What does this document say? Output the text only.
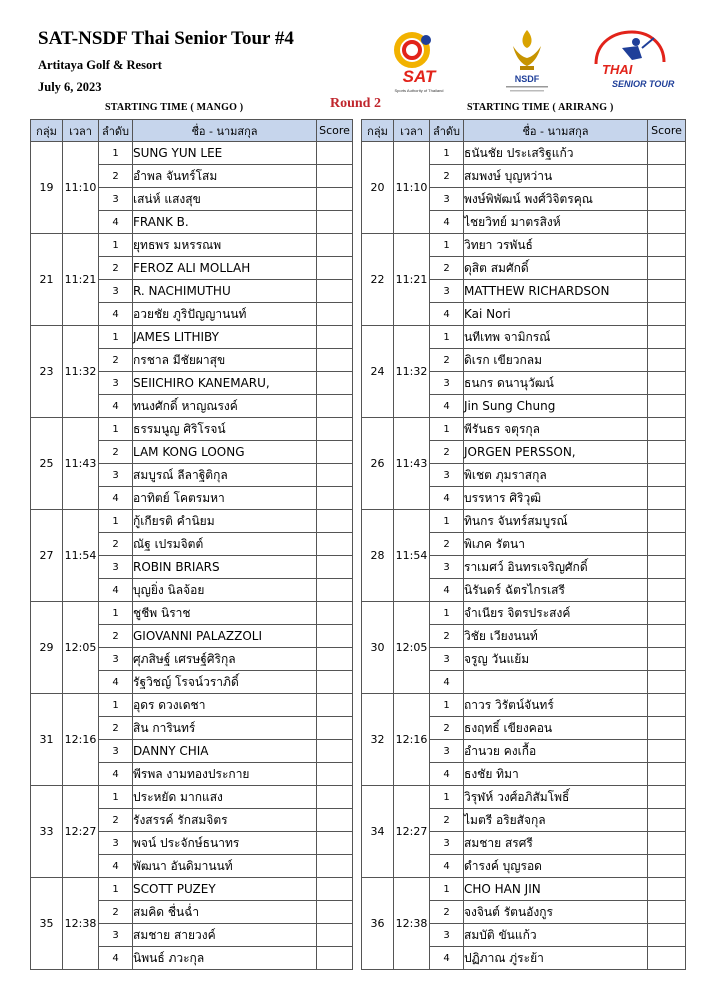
SAT-NSDF Thai Senior Tour #4
Artitaya Golf & Resort
July 6, 2023
Round 2
STARTING TIME ( MANGO )	STARTING TIME ( ARIRANG )
SAT
Sports Authority of Thailand
NSDF
THAI
SENIOR TOUR
กลุ่ม	เวลา	ลำดับ	ชื่อ - นามสกุล	Score
19	11:10	1	SUNG YUN LEE	
		2	อำพล จันทร์โสม	
		3	เสน่ห์ แสงสุข	
		4	FRANK B.	
21	11:21	1	ยุทธพร มหรรณพ	
		2	FEROZ ALI MOLLAH	
		3	R. NACHIMUTHU	
		4	อวยชัย ภูริปัญญานนท์	
23	11:32	1	JAMES LITHIBY	
		2	กรชาล มีชัยผาสุข	
		3	SEIICHIRO KANEMARU,	
		4	ทนงศักดิ์ หาญณรงค์	
25	11:43	1	ธรรมนูญ ศิริโรจน์	
		2	LAM KONG LOONG	
		3	สมบูรณ์ ลีลาฐิติกุล	
		4	อาทิตย์ โคตรมหา	
27	11:54	1	กู้เกียรติ คำนิยม	
		2	ณัฐ เปรมจิตต์	
		3	ROBIN BRIARS	
		4	บุญยิ่ง นิลจ้อย	
29	12:05	1	ชูชีพ นิราช	
		2	GIOVANNI PALAZZOLI	
		3	ศุภสิษฐ์ เศรษฐ์ศิริกุล	
		4	รัฐวิชญ์ โรจน์วราภิดิ์	
31	12:16	1	อุดร ดวงเดชา	
		2	สิน การินทร์	
		3	DANNY CHIA	
		4	พีรพล งามทองประกาย	
33	12:27	1	ประหยัด มากแสง	
		2	รังสรรค์ รักสมจิตร	
		3	พจน์ ประจักษ์ธนาทร	
		4	พัฒนา อันดิมานนท์	
35	12:38	1	SCOTT PUZEY	
		2	สมคิด ชื่นฉ่ำ	
		3	สมชาย สายวงค์	
		4	นิพนธ์ ภวะกุล	
กลุ่ม	เวลา	ลำดับ	ชื่อ - นามสกุล	Score
20	11:10	1	ธนันชัย ประเสริฐแก้ว	
		2	สมพงษ์ บุญหว่าน	
		3	พงษ์พิพัฒน์ พงศ์วิจิตรคุณ	
		4	ไชยวิทย์ มาตรสิงห์	
22	11:21	1	วิทยา วรพันธ์	
		2	ดุสิต สมศักดิ์	
		3	MATTHEW RICHARDSON	
		4	Kai Nori	
24	11:32	1	นทีเทพ จามิกรณ์	
		2	ดิเรก เขียวกลม	
		3	ธนกร ดนานุวัฒน์	
		4	Jin Sung Chung	
26	11:43	1	พีรันธร จตุรกุล	
		2	JORGEN PERSSON,	
		3	พิเชต ภุมราสกุล	
		4	บรรหาร ศิริวุฒิ	
28	11:54	1	ทินกร จันทร์สมบูรณ์	
		2	พิเภค รัตนา	
		3	ราเมศว์ อินทรเจริญศักดิ์	
		4	นิรันดร์ ฉัตรไกรเสรี	
30	12:05	1	จำเนียร จิตรประสงค์	
		2	วิชัย เวียงนนท์	
		3	จรูญ วันแย้ม	
		4		
32	12:16	1	ถาวร วิรัตน์จันทร์	
		2	ธงฤทธิ์ เขียงคอน	
		3	อำนวย คงเกื้อ	
		4	ธงชัย ทิมา	
34	12:27	1	วิรุฬห์ วงศ์อภิสัมโพธิ์	
		2	ไมตรี อริยสัจกุล	
		3	สมชาย สรศรี	
		4	ดำรงค์ บุญรอด	
36	12:38	1	CHO HAN JIN	
		2	จงจินต์ รัตนอังกูร	
		3	สมบัติ ขันแก้ว	
		4	ปฏิภาณ ภู่ระย้า	
